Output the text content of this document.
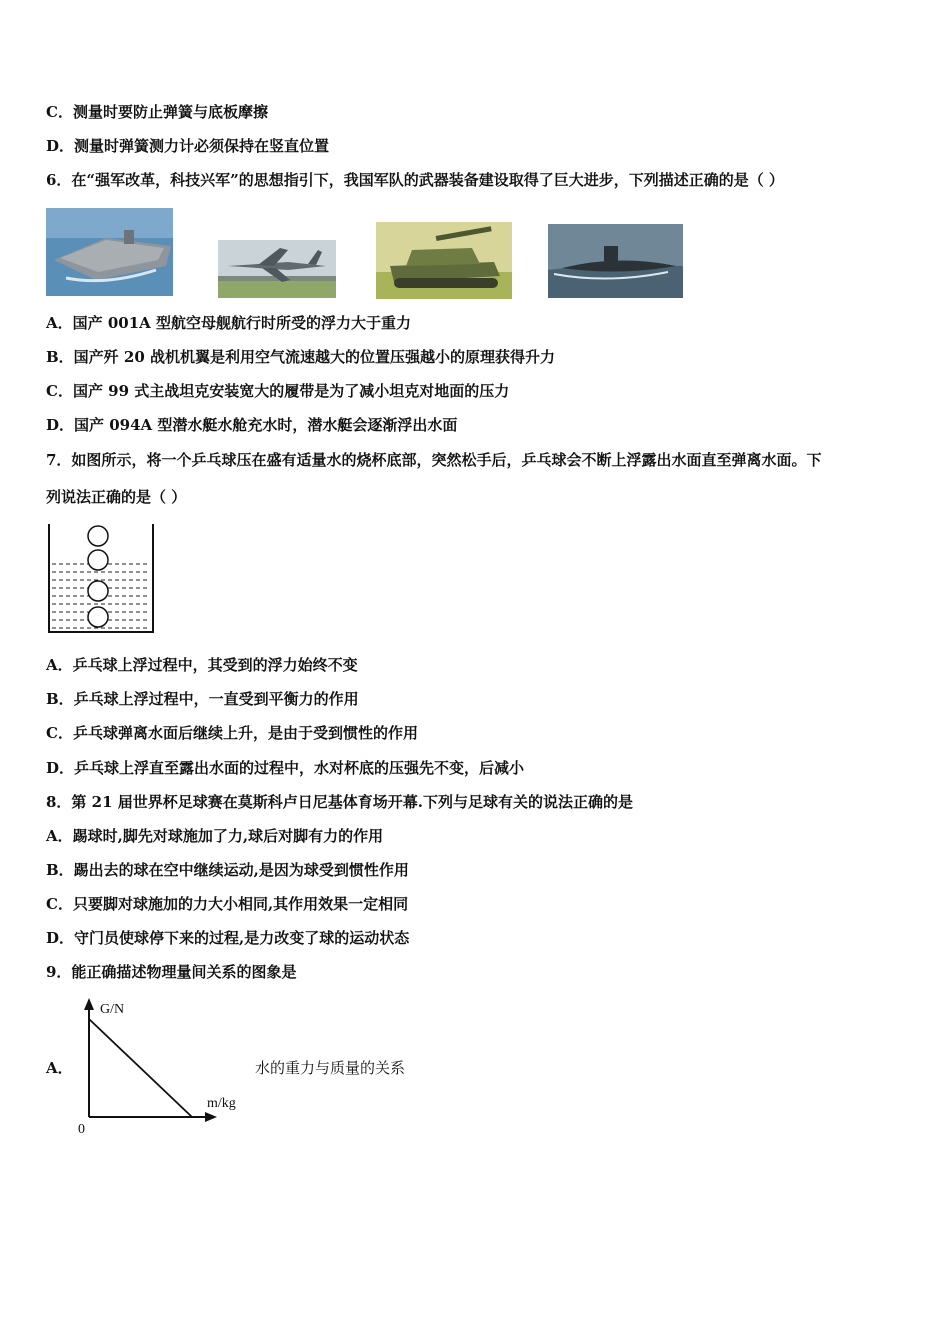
C．测量时要防止弹簧与底板摩擦
D．测量时弹簧测力计必须保持在竖直位置
6．在“强军改革，科技兴军”的思想指引下，我国军队的武器装备建设取得了巨大进步，下列描述正确的是（ ）
A．国产 001A 型航空母舰航行时所受的浮力大于重力
B．国产歼 20 战机机翼是利用空气流速越大的位置压强越小的原理获得升力
C．国产 99 式主战坦克安装宽大的履带是为了减小坦克对地面的压力
D．国产 094A 型潜水艇水舱充水时，潜水艇会逐渐浮出水面
7．如图所示，将一个乒乓球压在盛有适量水的烧杯底部，突然松手后，乒乓球会不断上浮露出水面直至弹离水面。下
列说法正确的是（ ）
A．乒乓球上浮过程中，其受到的浮力始终不变
B．乒乓球上浮过程中，一直受到平衡力的作用
C．乒乓球弹离水面后继续上升，是由于受到惯性的作用
D．乒乓球上浮直至露出水面的过程中，水对杯底的压强先不变，后减小
8．第 21 届世界杯足球赛在莫斯科卢日尼基体育场开幕.下列与足球有关的说法正确的是
A．踢球时,脚先对球施加了力,球后对脚有力的作用
B．踢出去的球在空中继续运动,是因为球受到惯性作用
C．只要脚对球施加的力大小相同,其作用效果一定相同
D．守门员使球停下来的过程,是力改变了球的运动状态
9．能正确描述物理量间关系的图象是
A．
G/N
m/kg
0
水的重力与质量的关系
